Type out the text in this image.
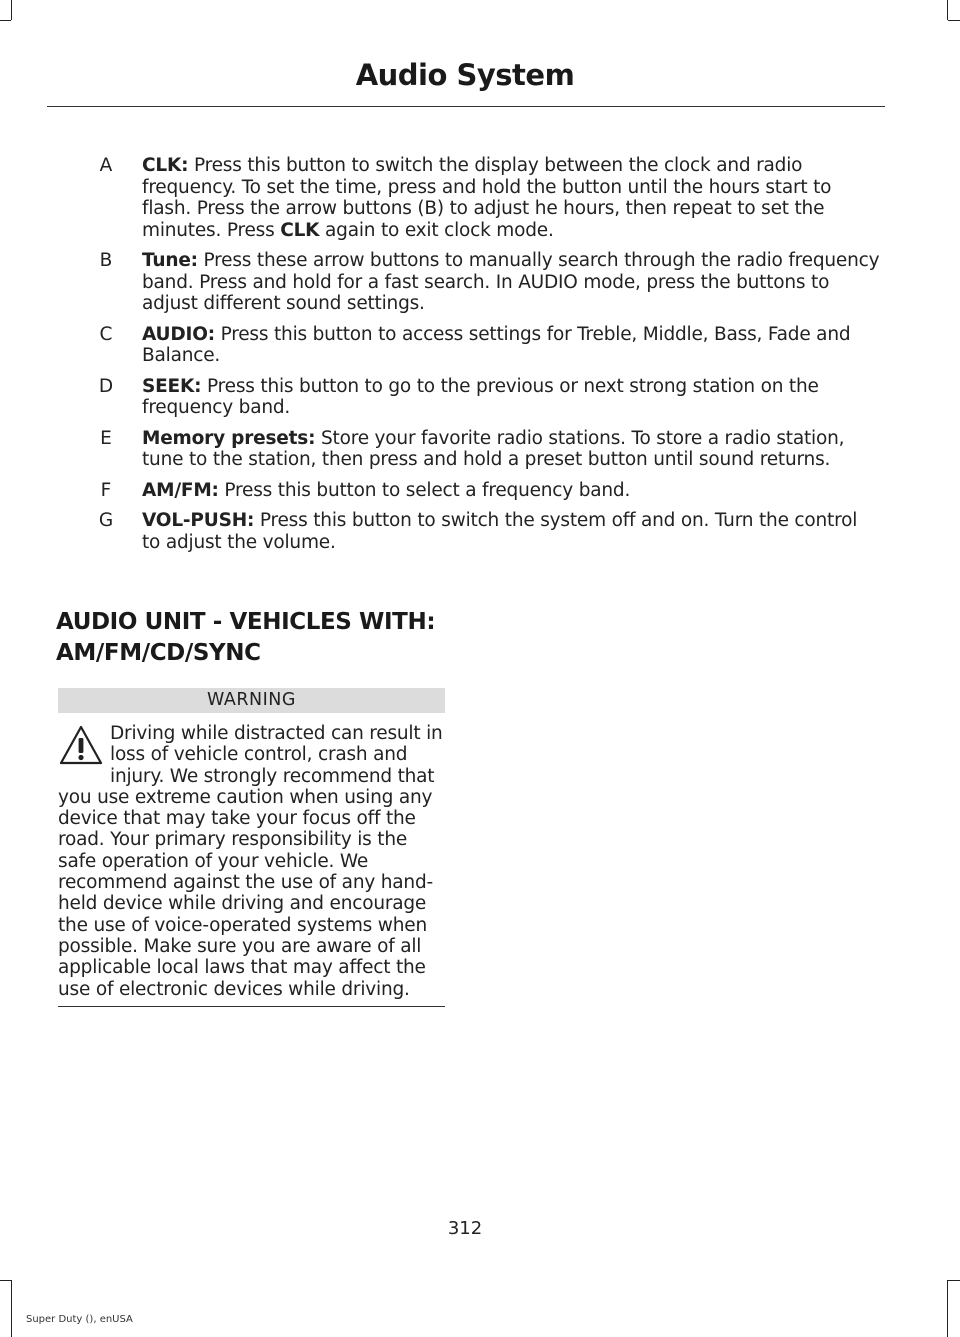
Audio System
A	CLK: Press this button to switch the display between the clock and radio frequency. To set the time, press and hold the button until the hours start to flash. Press the arrow buttons (B) to adjust he hours, then repeat to set the minutes. Press CLK again to exit clock mode.
B	Tune: Press these arrow buttons to manually search through the radio frequency band. Press and hold for a fast search. In AUDIO mode, press the buttons to adjust different sound settings.
C	AUDIO: Press this button to access settings for Treble, Middle, Bass, Fade and Balance.
D	SEEK: Press this button to go to the previous or next strong station on the frequency band.
E	Memory presets: Store your favorite radio stations. To store a radio station, tune to the station, then press and hold a preset button until sound returns.
F	AM/FM: Press this button to select a frequency band.
G	VOL-PUSH: Press this button to switch the system off and on. Turn the control to adjust the volume.
AUDIO UNIT - VEHICLES WITH:
AM/FM/CD/SYNC
WARNING
Driving while distracted can result in loss of vehicle control, crash and injury. We strongly recommend that you use extreme caution when using any device that may take your focus off the road. Your primary responsibility is the safe operation of your vehicle. We recommend against the use of any hand-held device while driving and encourage the use of voice-operated systems when possible. Make sure you are aware of all applicable local laws that may affect the use of electronic devices while driving.
312
Super Duty (), enUSA
